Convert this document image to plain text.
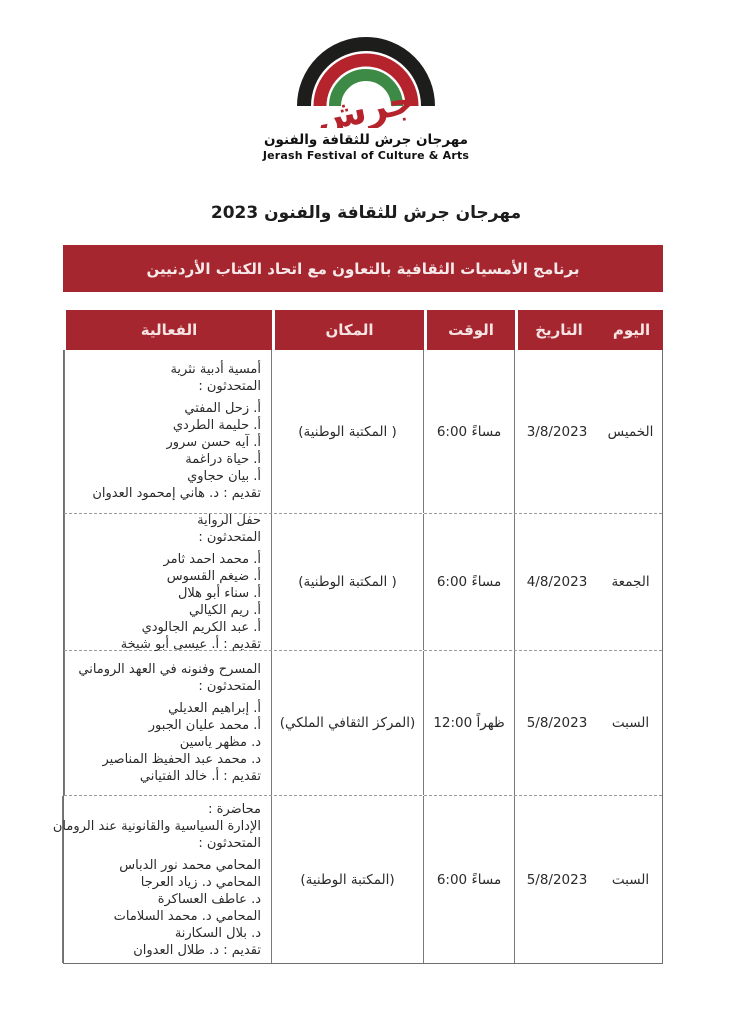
جرش
مهرجان جرش للثقافة والفنون
Jerash Festival of Culture & Arts
مهرجان جرش للثقافة والفنون 2023
برنامج الأمسيات الثقافية بالتعاون مع اتحاد الكتاب الأردنيين
اليوم
التاريخ
الوقت
المكان
الفعالية
الخميس
3/8/2023
6:00 مساءً
( المكتبة الوطنية)
أمسية أدبية نثرية
المتحدثون :
أ. زحل المفتي
أ. حليمة الطردي
أ. آيه حسن سرور
أ. حياة دراغمة
أ. بيان حجاوي
تقديم : د. هاني إمحمود العدوان
الجمعة
4/8/2023
6:00 مساءً
( المكتبة الوطنية)
حفل الرواية
المتحدثون :
أ. محمد احمد ثامر
أ. ضيغم القسوس
أ. سناء أبو هلال
أ. ريم الكيالي
أ. عبد الكريم الجالودي
تقديم : أ. عيسى أبو شيخة
السبت
5/8/2023
12:00 ظهراً
(المركز الثقافي الملكي)
المسرح وفنونه في العهد الروماني
المتحدثون :
أ. إبراهيم العديلي
أ. محمد عليان الجبور
د. مظهر ياسين
د. محمد عبد الحفيظ المناصير
تقديم : أ. خالد الفتياني
السبت
5/8/2023
6:00 مساءً
(المكتبة الوطنية)
محاضرة :
الإدارة السياسية والقانونية عند الرومان
المتحدثون :
المحامي محمد نور الدباس
المحامي د. زياد العرجا
د. عاطف العساكرة
المحامي د. محمد السلامات
د. بلال السكارنة
تقديم : د. طلال العدوان
